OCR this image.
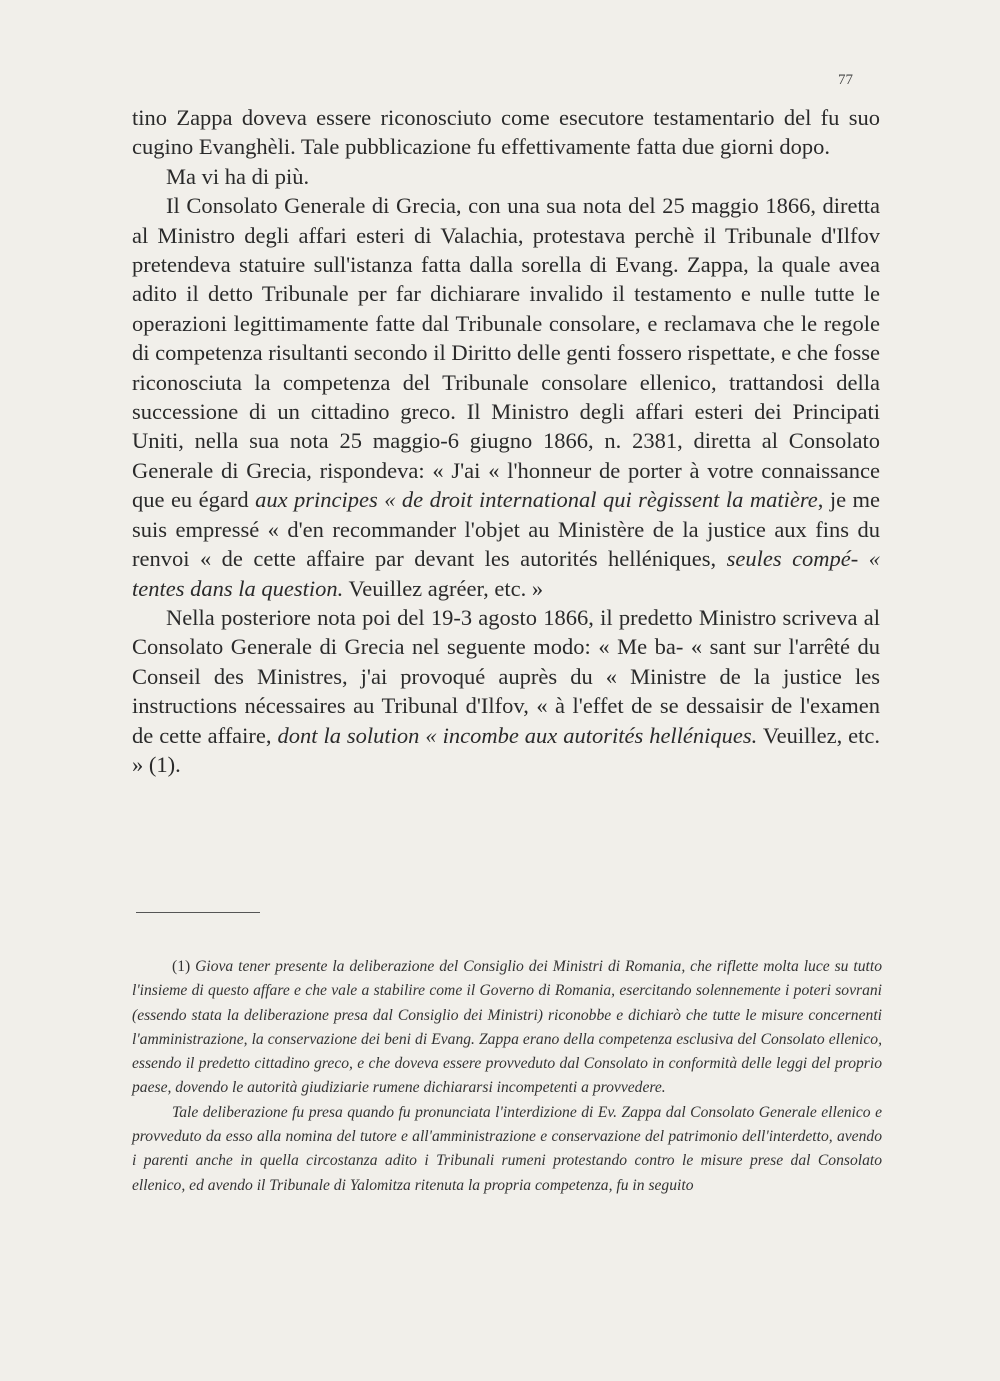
77

tino Zappa doveva essere riconosciuto come esecutore testamentario del fu suo cugino Evanghèli. Tale pubblicazione fu effettivamente fatta due giorni dopo.

Ma vi ha di più.

Il Consolato Generale di Grecia, con una sua nota del 25 maggio 1866, diretta al Ministro degli affari esteri di Valachia, protestava perchè il Tribunale d'Ilfov pretendeva statuire sull'istanza fatta dalla sorella di Evang. Zappa, la quale avea adito il detto Tribunale per far dichiarare invalido il testamento e nulle tutte le operazioni legittimamente fatte dal Tribunale consolare, e reclamava che le regole di competenza risultanti secondo il Diritto delle genti fossero rispettate, e che fosse riconosciuta la competenza del Tribunale consolare ellenico, trattandosi della successione di un cittadino greco. Il Ministro degli affari esteri dei Principati Uniti, nella sua nota 25 maggio-6 giugno 1866, n. 2381, diretta al Consolato Generale di Grecia, rispondeva: « J'ai « l'honneur de porter à votre connaissance que eu égard aux principes « de droit international qui règissent la matière, je me suis empressé « d'en recommander l'objet au Ministère de la justice aux fins du renvoi « de cette affaire par devant les autorités helléniques, seules compé- « tentes dans la question. Veuillez agréer, etc. »

Nella posteriore nota poi del 19-3 agosto 1866, il predetto Ministro scriveva al Consolato Generale di Grecia nel seguente modo: « Me ba- « sant sur l'arrêté du Conseil des Ministres, j'ai provoqué auprès du « Ministre de la justice les instructions nécessaires au Tribunal d'Ilfov, « à l'effet de se dessaisir de l'examen de cette affaire, dont la solution « incombe aux autorités helléniques. Veuillez, etc. » (1).

(1) Giova tener presente la deliberazione del Consiglio dei Ministri di Romania, che riflette molta luce su tutto l'insieme di questo affare e che vale a stabilire come il Governo di Romania, esercitando solennemente i poteri sovrani (essendo stata la deliberazione presa dal Consiglio dei Ministri) riconobbe e dichiarò che tutte le misure concernenti l'amministrazione, la conservazione dei beni di Evang. Zappa erano della competenza esclusiva del Consolato ellenico, essendo il predetto cittadino greco, e che doveva essere provveduto dal Consolato in conformità delle leggi del proprio paese, dovendo le autorità giudiziarie rumene dichiararsi incompetenti a provvedere.

Tale deliberazione fu presa quando fu pronunciata l'interdizione di Ev. Zappa dal Consolato Generale ellenico e provveduto da esso alla nomina del tutore e all'amministrazione e conservazione del patrimonio dell'interdetto, avendo i parenti anche in quella circostanza adito i Tribunali rumeni protestando contro le misure prese dal Consolato ellenico, ed avendo il Tribunale di Yalomitza ritenuta la propria competenza, fu in seguito
